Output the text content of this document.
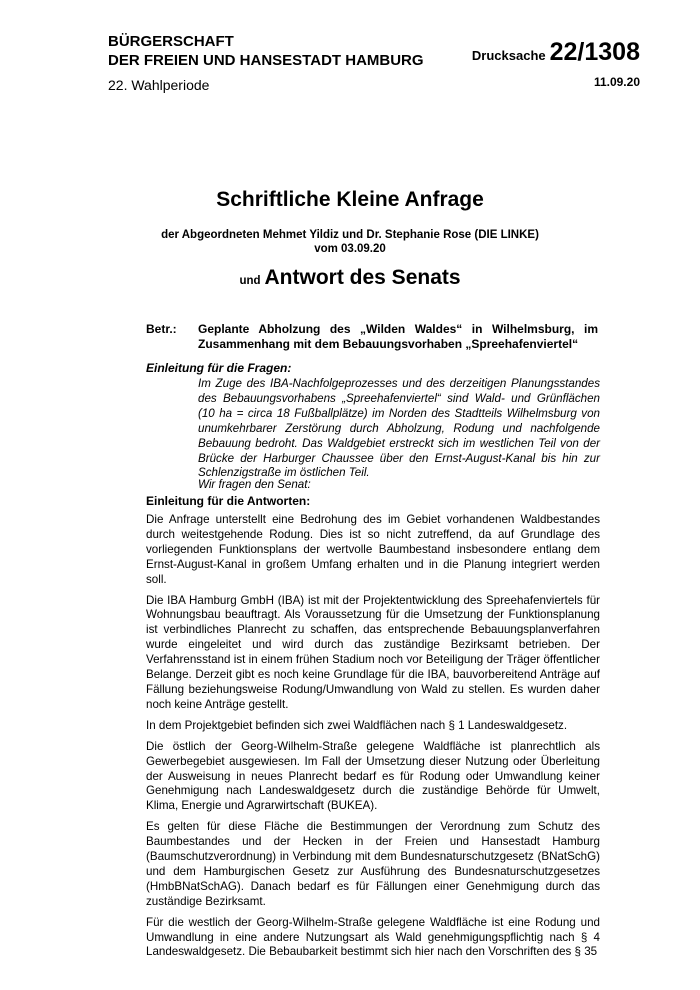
BÜRGERSCHAFT
DER FREIEN UND HANSESTADT HAMBURG
22. Wahlperiode
Drucksache 22/1308
11.09.20
Schriftliche Kleine Anfrage
der Abgeordneten Mehmet Yildiz und Dr. Stephanie Rose (DIE LINKE)
vom 03.09.20
und Antwort des Senats
Betr.: Geplante Abholzung des „Wilden Waldes“ in Wilhelmsburg, im Zusammenhang mit dem Bebauungsvorhaben „Spreehafenviertel“
Einleitung für die Fragen:
Im Zuge des IBA-Nachfolgeprozesses und des derzeitigen Planungsstandes des Bebauungsvorhabens „Spreehafenviertel“ sind Wald- und Grünflächen (10 ha = circa 18 Fußballplätze) im Norden des Stadtteils Wilhelmsburg von unumkehrbarer Zerstörung durch Abholzung, Rodung und nachfolgende Bebauung bedroht. Das Waldgebiet erstreckt sich im westlichen Teil von der Brücke der Harburger Chaussee über den Ernst-August-Kanal bis hin zur Schlenzigstraße im östlichen Teil.
Wir fragen den Senat:
Einleitung für die Antworten:

Die Anfrage unterstellt eine Bedrohung des im Gebiet vorhandenen Waldbestandes durch weitestgehende Rodung. Dies ist so nicht zutreffend, da auf Grundlage des vorliegenden Funktionsplans der wertvolle Baumbestand insbesondere entlang dem Ernst-August-Kanal in großem Umfang erhalten und in die Planung integriert werden soll.

Die IBA Hamburg GmbH (IBA) ist mit der Projektentwicklung des Spreehafenviertels für Wohnungsbau beauftragt. Als Voraussetzung für die Umsetzung der Funktionsplanung ist verbindliches Planrecht zu schaffen, das entsprechende Bebauungsplanverfahren wurde eingeleitet und wird durch das zuständige Bezirksamt betrieben. Der Verfahrensstand ist in einem frühen Stadium noch vor Beteiligung der Träger öffentlicher Belange. Derzeit gibt es noch keine Grundlage für die IBA, bauvorbereitend Anträge auf Fällung beziehungsweise Rodung/Umwandlung von Wald zu stellen. Es wurden daher noch keine Anträge gestellt.

In dem Projektgebiet befinden sich zwei Waldflächen nach § 1 Landeswaldgesetz.

Die östlich der Georg-Wilhelm-Straße gelegene Waldfläche ist planrechtlich als Gewerbegebiet ausgewiesen. Im Fall der Umsetzung dieser Nutzung oder Überleitung der Ausweisung in neues Planrecht bedarf es für Rodung oder Umwandlung keiner Genehmigung nach Landeswaldgesetz durch die zuständige Behörde für Umwelt, Klima, Energie und Agrarwirtschaft (BUKEA).

Es gelten für diese Fläche die Bestimmungen der Verordnung zum Schutz des Baumbestandes und der Hecken in der Freien und Hansestadt Hamburg (Baumschutzverordnung) in Verbindung mit dem Bundesnaturschutzgesetz (BNatSchG) und dem Hamburgischen Gesetz zur Ausführung des Bundesnaturschutzgesetzes (HmbBNatSchAG). Danach bedarf es für Fällungen einer Genehmigung durch das zuständige Bezirksamt.

Für die westlich der Georg-Wilhelm-Straße gelegene Waldfläche ist eine Rodung und Umwandlung in eine andere Nutzungsart als Wald genehmigungspflichtig nach § 4 Landeswaldgesetz. Die Bebaubarkeit bestimmt sich hier nach den Vorschriften des § 35
